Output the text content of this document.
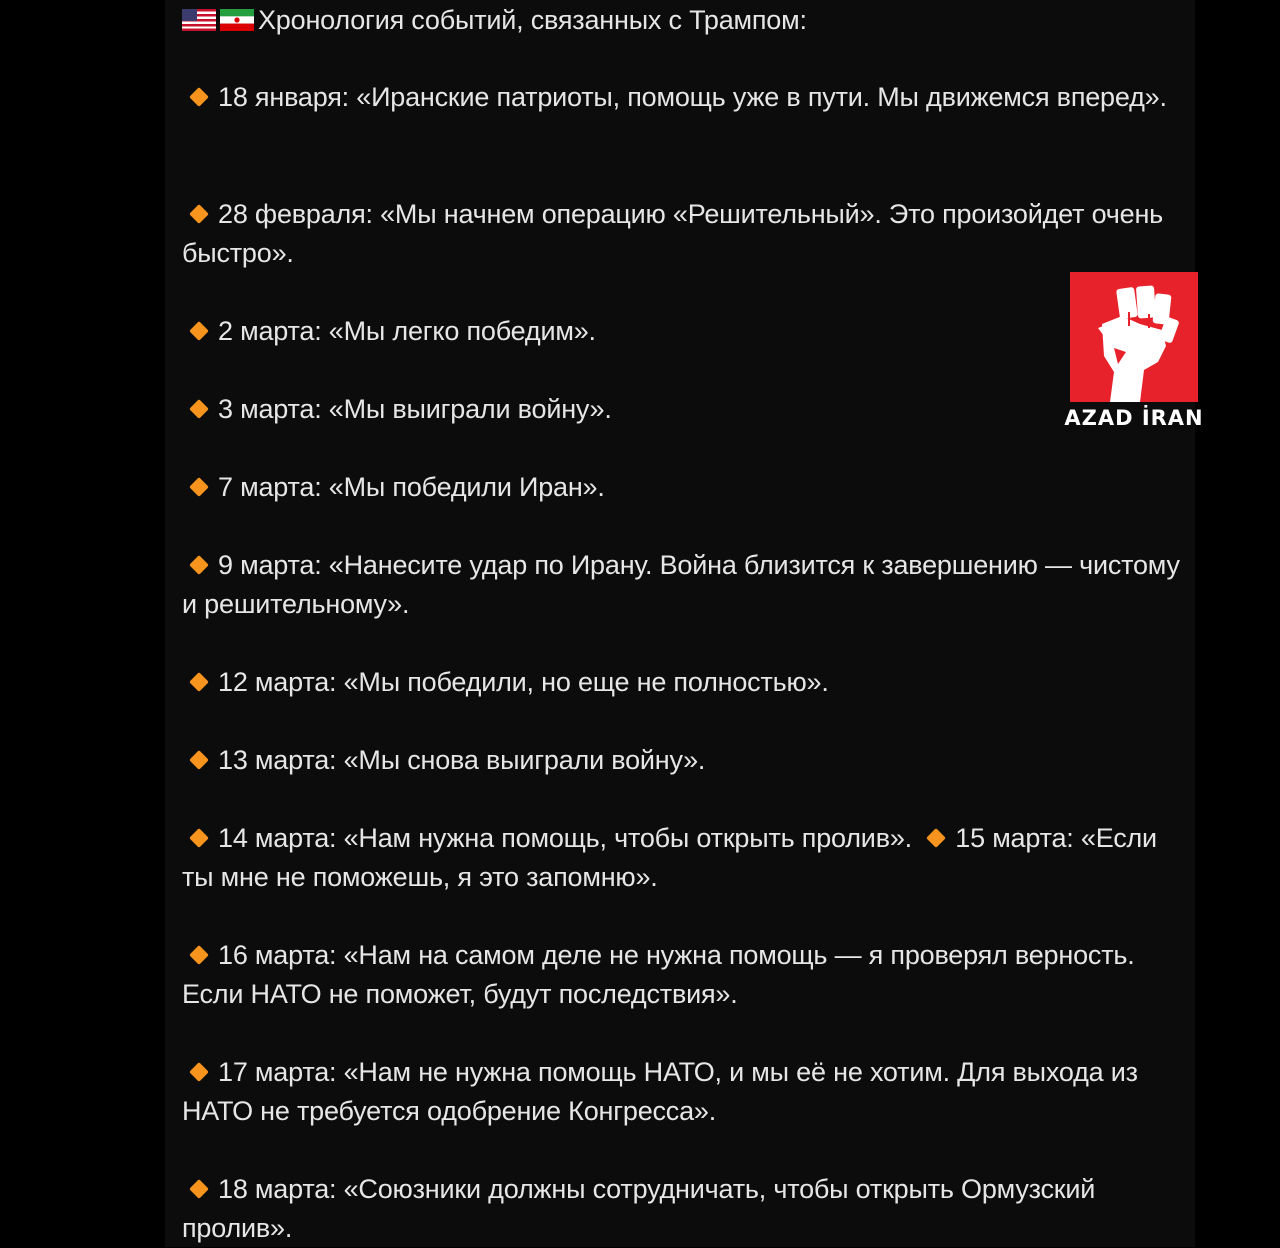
Хронология событий, связанных с Трампом:
18 января: «Иранские патриоты, помощь уже в пути. Мы движемся вперед».
28 февраля: «Мы начнем операцию «Решительный». Это произойдет очень быстро».
2 марта: «Мы легко победим».
3 марта: «Мы выиграли войну».
7 марта: «Мы победили Иран».
9 марта: «Нанесите удар по Ирану. Война близится к завершению — чистому и решительному».
12 марта: «Мы победили, но еще не полностью».
13 марта: «Мы снова выиграли войну».
14 марта: «Нам нужна помощь, чтобы открыть пролив». 15 марта: «Если ты мне не поможешь, я это запомню».
16 марта: «Нам на самом деле не нужна помощь — я проверял верность. Если НАТО не поможет, будут последствия».
17 марта: «Нам не нужна помощь НАТО, и мы её не хотим. Для выхода из НАТО не требуется одобрение Конгресса».
18 марта: «Союзники должны сотрудничать, чтобы открыть Ормузский пролив».
AZAD İRAN
